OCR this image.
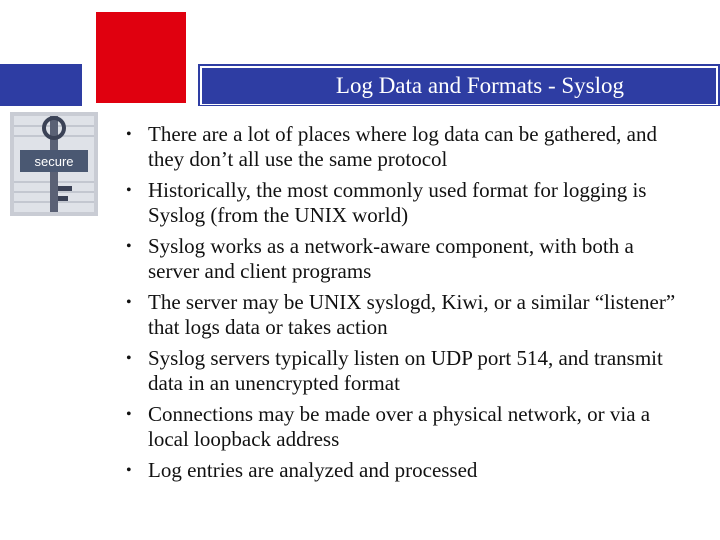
Log Data and Formats - Syslog
secure
• There are a lot of places where log data can be gathered, and they don’t all use the same protocol
• Historically, the most commonly used format for logging is Syslog (from the UNIX world)
• Syslog works as a network-aware component, with both a server and client programs
• The server may be UNIX syslogd, Kiwi, or a similar “listener” that logs data or takes action
• Syslog servers typically listen on UDP port 514, and transmit data in an unencrypted format
• Connections may be made over a physical network, or via a local loopback address
• Log entries are analyzed and processed
